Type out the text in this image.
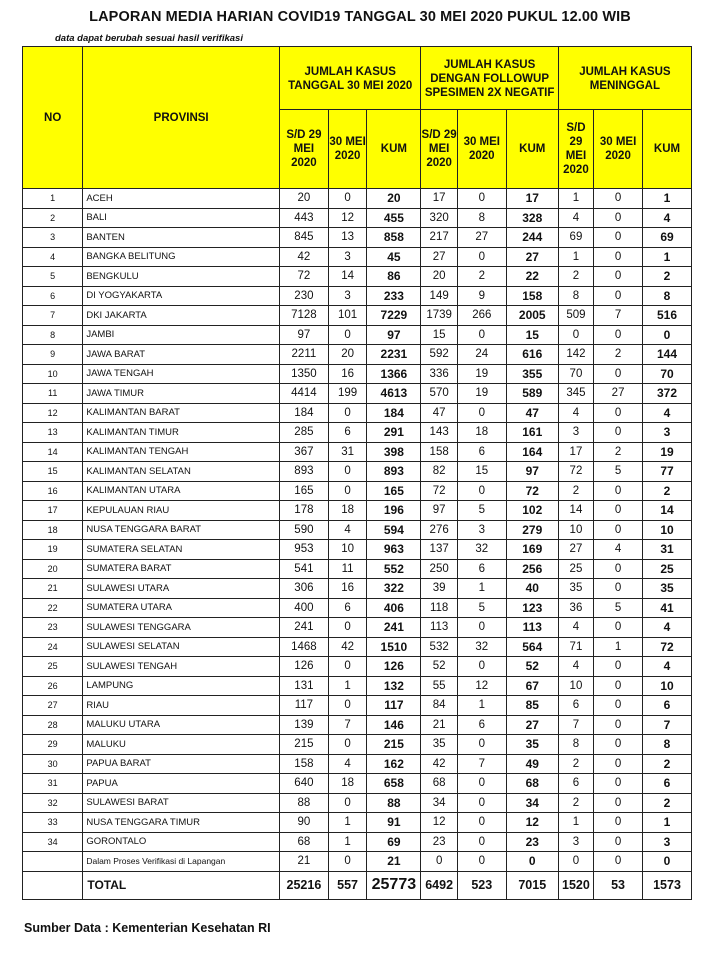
LAPORAN MEDIA HARIAN COVID19 TANGGAL 30 MEI 2020 PUKUL 12.00 WIB
data dapat berubah sesuai hasil verifikasi
NO	PROVINSI	JUMLAH KASUS TANGGAL 30 MEI 2020			JUMLAH KASUS DENGAN FOLLOWUP SPESIMEN 2X NEGATIF			JUMLAH KASUS MENINGGAL		
		S/D 29 MEI 2020	30 MEI 2020	KUM	S/D 29 MEI 2020	30 MEI 2020	KUM	S/D 29 MEI 2020	30 MEI 2020	KUM
1	ACEH	20	0	20	17	0	17	1	0	1
2	BALI	443	12	455	320	8	328	4	0	4
3	BANTEN	845	13	858	217	27	244	69	0	69
4	BANGKA BELITUNG	42	3	45	27	0	27	1	0	1
5	BENGKULU	72	14	86	20	2	22	2	0	2
6	DI YOGYAKARTA	230	3	233	149	9	158	8	0	8
7	DKI JAKARTA	7128	101	7229	1739	266	2005	509	7	516
8	JAMBI	97	0	97	15	0	15	0	0	0
9	JAWA BARAT	2211	20	2231	592	24	616	142	2	144
10	JAWA TENGAH	1350	16	1366	336	19	355	70	0	70
11	JAWA TIMUR	4414	199	4613	570	19	589	345	27	372
12	KALIMANTAN BARAT	184	0	184	47	0	47	4	0	4
13	KALIMANTAN TIMUR	285	6	291	143	18	161	3	0	3
14	KALIMANTAN TENGAH	367	31	398	158	6	164	17	2	19
15	KALIMANTAN SELATAN	893	0	893	82	15	97	72	5	77
16	KALIMANTAN UTARA	165	0	165	72	0	72	2	0	2
17	KEPULAUAN RIAU	178	18	196	97	5	102	14	0	14
18	NUSA TENGGARA BARAT	590	4	594	276	3	279	10	0	10
19	SUMATERA SELATAN	953	10	963	137	32	169	27	4	31
20	SUMATERA BARAT	541	11	552	250	6	256	25	0	25
21	SULAWESI UTARA	306	16	322	39	1	40	35	0	35
22	SUMATERA UTARA	400	6	406	118	5	123	36	5	41
23	SULAWESI TENGGARA	241	0	241	113	0	113	4	0	4
24	SULAWESI SELATAN	1468	42	1510	532	32	564	71	1	72
25	SULAWESI TENGAH	126	0	126	52	0	52	4	0	4
26	LAMPUNG	131	1	132	55	12	67	10	0	10
27	RIAU	117	0	117	84	1	85	6	0	6
28	MALUKU UTARA	139	7	146	21	6	27	7	0	7
29	MALUKU	215	0	215	35	0	35	8	0	8
30	PAPUA BARAT	158	4	162	42	7	49	2	0	2
31	PAPUA	640	18	658	68	0	68	6	0	6
32	SULAWESI BARAT	88	0	88	34	0	34	2	0	2
33	NUSA TENGGARA TIMUR	90	1	91	12	0	12	1	0	1
34	GORONTALO	68	1	69	23	0	23	3	0	3
	Dalam Proses Verifikasi di Lapangan	21	0	21	0	0	0	0	0	0
	TOTAL	25216	557	25773	6492	523	7015	1520	53	1573
Sumber Data : Kementerian Kesehatan RI
